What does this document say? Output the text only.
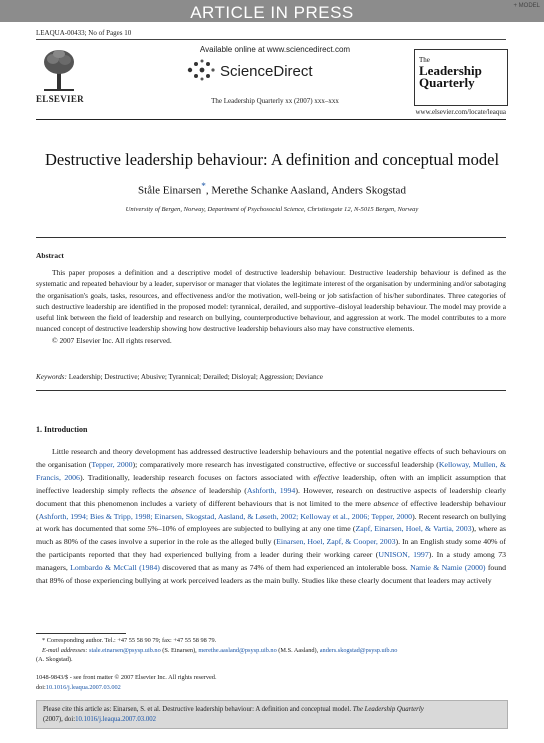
ARTICLE IN PRESS	+ MODEL
LEAQUA-00433; No of Pages 10
ELSEVIER
Available online at www.sciencedirect.com
ScienceDirect
The Leadership Quarterly xx (2007) xxx–xxx
The
Leadership
Quarterly
www.elsevier.com/locate/leaqua
Destructive leadership behaviour: A definition and conceptual model
Ståle Einarsen*, Merethe Schanke Aasland, Anders Skogstad
University of Bergen, Norway, Department of Psychosocial Science, Christiesgate 12, N-5015 Bergen, Norway
Abstract

This paper proposes a definition and a descriptive model of destructive leadership behaviour. Destructive leadership behaviour is defined as the systematic and repeated behaviour by a leader, supervisor or manager that violates the legitimate interest of the organisation by undermining and/or sabotaging the organisation's goals, tasks, resources, and effectiveness and/or the motivation, well-being or job satisfaction of his/her subordinates. Three categories of such destructive leadership are identified in the proposed model: tyrannical, derailed, and supportive–disloyal leadership behaviour. The model may provide a useful link between the field of leadership and research on bullying, counterproductive behaviour, and aggression at work. The model contributes to a more nuanced concept of destructive leadership showing how destructive leadership behaviours also may have constructive elements.
© 2007 Elsevier Inc. All rights reserved.

Keywords: Leadership; Destructive; Abusive; Tyrannical; Derailed; Disloyal; Aggression; Deviance
1. Introduction

Little research and theory development has addressed destructive leadership behaviours and the potential negative effects of such behaviours on the organisation (Tepper, 2000); comparatively more research has investigated constructive, effective or successful leadership (Kelloway, Mullen, & Francis, 2006). Traditionally, leadership research focuses on factors associated with effective leadership, often with an implicit assumption that ineffective leadership simply reflects the absence of leadership (Ashforth, 1994). However, research on destructive aspects of leadership clearly document that this phenomenon includes a variety of different behaviours that is not limited to the mere absence of effective leadership behaviour (Ashforth, 1994; Bies & Tripp, 1998; Einarsen, Skogstad, Aasland, & Løseth, 2002; Kelloway et al., 2006; Tepper, 2000). Recent research on bullying at work has documented that some 5%–10% of employees are subjected to bullying at any one time (Zapf, Einarsen, Hoel, & Vartia, 2003), where as much as 80% of the cases involve a superior in the role as the alleged bully (Einarsen, Hoel, Zapf, & Cooper, 2003). In an English study some 40% of the participants reported that they had experienced bullying from a leader during their working career (UNISON, 1997). In a study among 73 managers, Lombardo & McCall (1984) discovered that as many as 74% of them had experienced an intolerable boss. Namie & Namie (2000) found that 89% of those experiencing bullying at work perceived leaders as the main bully. Studies like these clearly document that leaders may actively

* Corresponding author. Tel.: +47 55 58 90 79; fax: +47 55 58 98 79.
E-mail addresses: stale.einarsen@psysp.uib.no (S. Einarsen), merethe.aasland@psysp.uib.no (M.S. Aasland), anders.skogstad@psysp.uib.no
(A. Skogstad).
1048-9843/$ - see front matter © 2007 Elsevier Inc. All rights reserved.
doi:10.1016/j.leaqua.2007.03.002
Please cite this article as: Einarsen, S. et al. Destructive leadership behaviour: A definition and conceptual model. The Leadership Quarterly
(2007), doi:10.1016/j.leaqua.2007.03.002
